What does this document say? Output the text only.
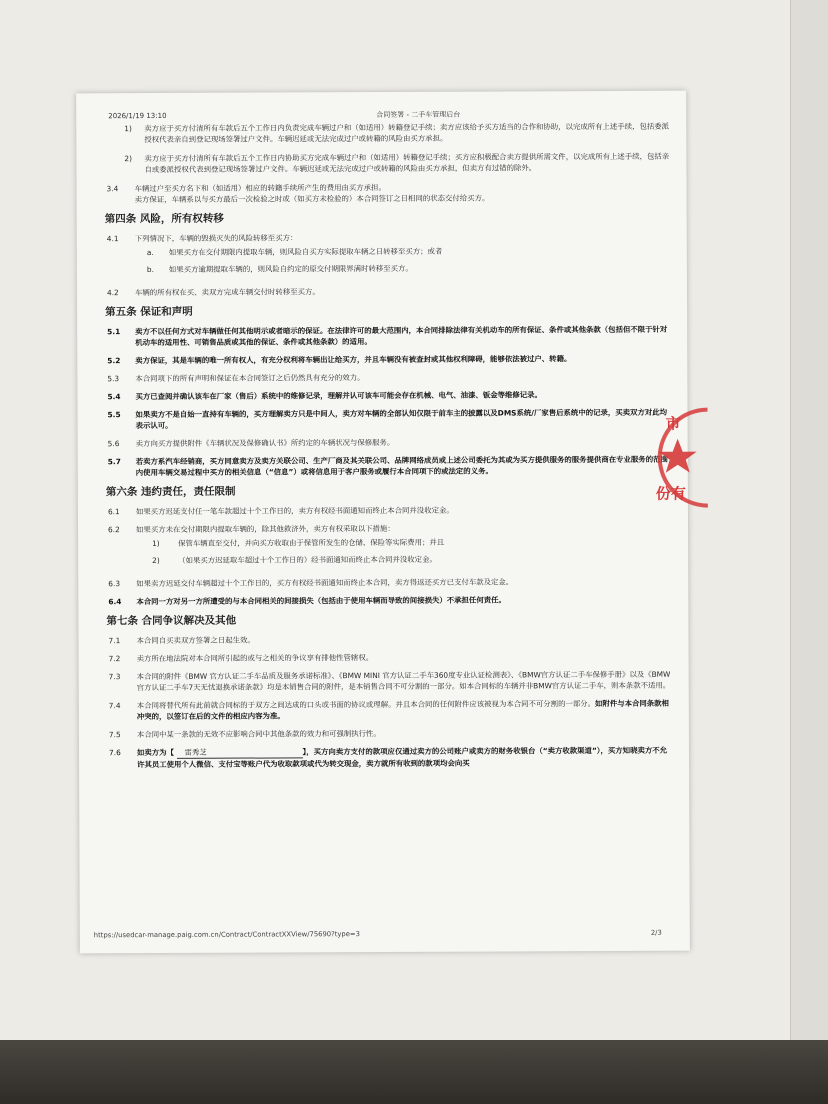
2026/1/19 13:10	合同签署 - 二手车管理后台
1) 卖方应于买方付清所有车款后五个工作日内负责完成车辆过户和（如适用）转籍登记手续；卖方应该给予买方适当的合作和协助，以完成所有上述手续，包括委派授权代表亲自到登记现场签署过户文件。车辆迟延或无法完成过户或转籍的风险由买方承担。
2) 卖方应于买方付清所有车款后五个工作日内协助买方完成车辆过户和（如适用）转籍登记手续；买方应积极配合卖方提供所需文件，以完成所有上述手续，包括亲自或委派授权代表到登记现场签署过户文件。车辆迟延或无法完成过户或转籍的风险由买方承担，但卖方有过错的除外。
3.4 车辆过户至买方名下和（如适用）相应的转籍手续所产生的费用由买方承担。
卖方保证，车辆系以与买方最后一次检验之时或（如买方未检验的）本合同签订之日相同的状态交付给买方。
第四条 风险，所有权转移
4.1 下列情况下，车辆的毁损灭失的风险转移至买方：
a. 如果买方在交付期限内提取车辆，则风险自买方实际提取车辆之日转移至买方；或者
b. 如果买方逾期提取车辆的，则风险自约定的原交付期限界满时转移至买方。
4.2 车辆的所有权在买、卖双方完成车辆交付时转移至买方。
第五条 保证和声明
5.1 卖方不以任何方式对车辆做任何其他明示或者暗示的保证。在法律许可的最大范围内，本合同排除法律有关机动车的所有保证、条件或其他条款（包括但不限于针对机动车的适用性、可销售品质或其他的保证、条件或其他条款）的适用。
5.2 卖方保证，其是车辆的唯一所有权人，有充分权利将车辆出让给买方，并且车辆没有被查封或其他权利障碍，能够依法被过户、转籍。
5.3 本合同项下的所有声明和保证在本合同签订之后仍然具有充分的效力。
5.4 买方已查阅并确认该车在厂家（售后）系统中的维修记录，理解并认可该车可能会存在机械、电气、油漆、钣金等维修记录。
5.5 如果卖方不是自始一直持有车辆的，买方理解卖方只是中间人，卖方对车辆的全部认知仅限于前车主的披露以及DMS系统/厂家售后系统中的记录，买卖双方对此均表示认可。
5.6 卖方向买方提供附件《车辆状况及保修确认书》所约定的车辆状况与保修服务。
5.7 若卖方系汽车经销商，买方同意卖方及卖方关联公司、生产厂商及其关联公司、品牌网络成员或上述公司委托为其或为买方提供服务的服务提供商在专业服务的范围内使用车辆交易过程中买方的相关信息（“信息”）或将信息用于客户服务或履行本合同项下的或法定的义务。
第六条 违约责任，责任限制
6.1 如果买方迟延支付任一笔车款超过十个工作日的，卖方有权经书面通知而终止本合同并没收定金。
6.2 如果买方未在交付期限内提取车辆的，除其他救济外，卖方有权采取以下措施：
1) 保管车辆直至交付，并向买方收取由于保管所发生的仓储、保险等实际费用；并且
2) （如果买方迟延取车超过十个工作日的）经书面通知而终止本合同并没收定金。
6.3 如果卖方迟延交付车辆超过十个工作日的，买方有权经书面通知而终止本合同，卖方得返还买方已支付车款及定金。
6.4 本合同一方对另一方所遭受的与本合同相关的间接损失（包括由于使用车辆而导致的间接损失）不承担任何责任。
第七条 合同争议解决及其他
7.1 本合同自买卖双方签署之日起生效。
7.2 卖方所在地法院对本合同所引起的或与之相关的争议享有排他性管辖权。
7.3 本合同的附件《BMW 官方认证二手车品质及服务承诺标准》、《BMW MINI 官方认证二手车360度专业认证检测表》、《BMW官方认证二手车保修手册》以及《BMW官方认证二手车7天无忧退换承诺条款》均是本销售合同的附件，是本销售合同不可分割的一部分。如本合同标的车辆并非BMW官方认证二手车，则本条款不适用。
7.4 本合同将替代所有此前就合同标的于双方之间达成的口头或书面的协议或理解。并且本合同的任何附件应该被视为本合同不可分割的一部分。如附件与本合同条款相冲突的，以签订在后的文件的相应内容为准。
7.5 本合同中某一条款的无效不应影响合同中其他条款的效力和可强制执行性。
7.6 如卖方为【 雷秀芝	】，买方向卖方支付的款项应仅通过卖方的公司账户或卖方的财务收银台（“卖方收款渠道”），买方知晓卖方不允许其员工使用个人微信、支付宝等账户代为收取款项或代为转交现金，卖方就所有收到的款项均会向买
市
份有
https://usedcar-manage.paig.com.cn/Contract/ContractXXView/75690?type=3	2/3
